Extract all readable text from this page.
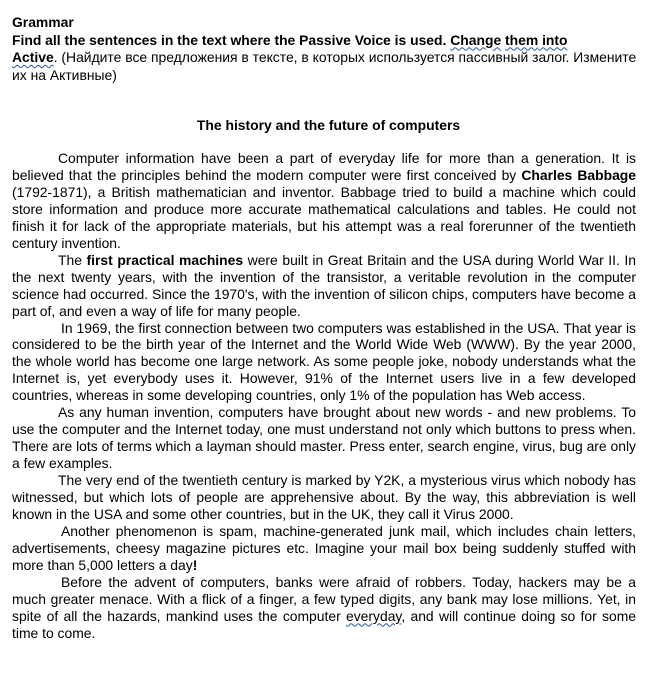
Grammar
Find all the sentences in the text where the Passive Voice is used. Change them into
Active. (Найдите все предложения в тексте, в которых используется пассивный залог. Измените их на Активные)
The history and the future of computers

Computer information have been a part of everyday life for more than a generation. It is believed that the principles behind the modern computer were first conceived by Charles Babbage (1792-1871), a British mathematician and inventor. Babbage tried to build a machine which could store information and produce more accurate mathematical calculations and tables. He could not finish it for lack of the appropriate materials, but his attempt was a real forerunner of the twentieth century invention.

The first practical machines were built in Great Britain and the USA during World War II. In the next twenty years, with the invention of the transistor, a veritable revolution in the computer science had occurred. Since the 1970's, with the invention of silicon chips, computers have become a part of, and even a way of life for many people.

In 1969, the first connection between two computers was established in the USA. That year is considered to be the birth year of the Internet and the World Wide Web (WWW). By the year 2000, the whole world has become one large network. As some people joke, nobody understands what the Internet is, yet everybody uses it. However, 91% of the Internet users live in a few developed countries, whereas in some developing countries, only 1% of the population has Web access.

As any human invention, computers have brought about new words - and new problems. To use the computer and the Internet today, one must understand not only which buttons to press when. There are lots of terms which a layman should master. Press enter, search engine, virus, bug are only a few examples.

The very end of the twentieth century is marked by Y2K, a mysterious virus which nobody has witnessed, but which lots of people are apprehensive about. By the way, this abbreviation is well known in the USA and some other countries, but in the UK, they call it Virus 2000.

Another phenomenon is spam, machine-generated junk mail, which includes chain letters, advertisements, cheesy magazine pictures etc. Imagine your mail box being suddenly stuffed with more than 5,000 letters a day!

Before the advent of computers, banks were afraid of robbers. Today, hackers may be a much greater menace. With a flick of a finger, a few typed digits, any bank may lose millions. Yet, in spite of all the hazards, mankind uses the computer everyday, and will continue doing so for some time to come.
